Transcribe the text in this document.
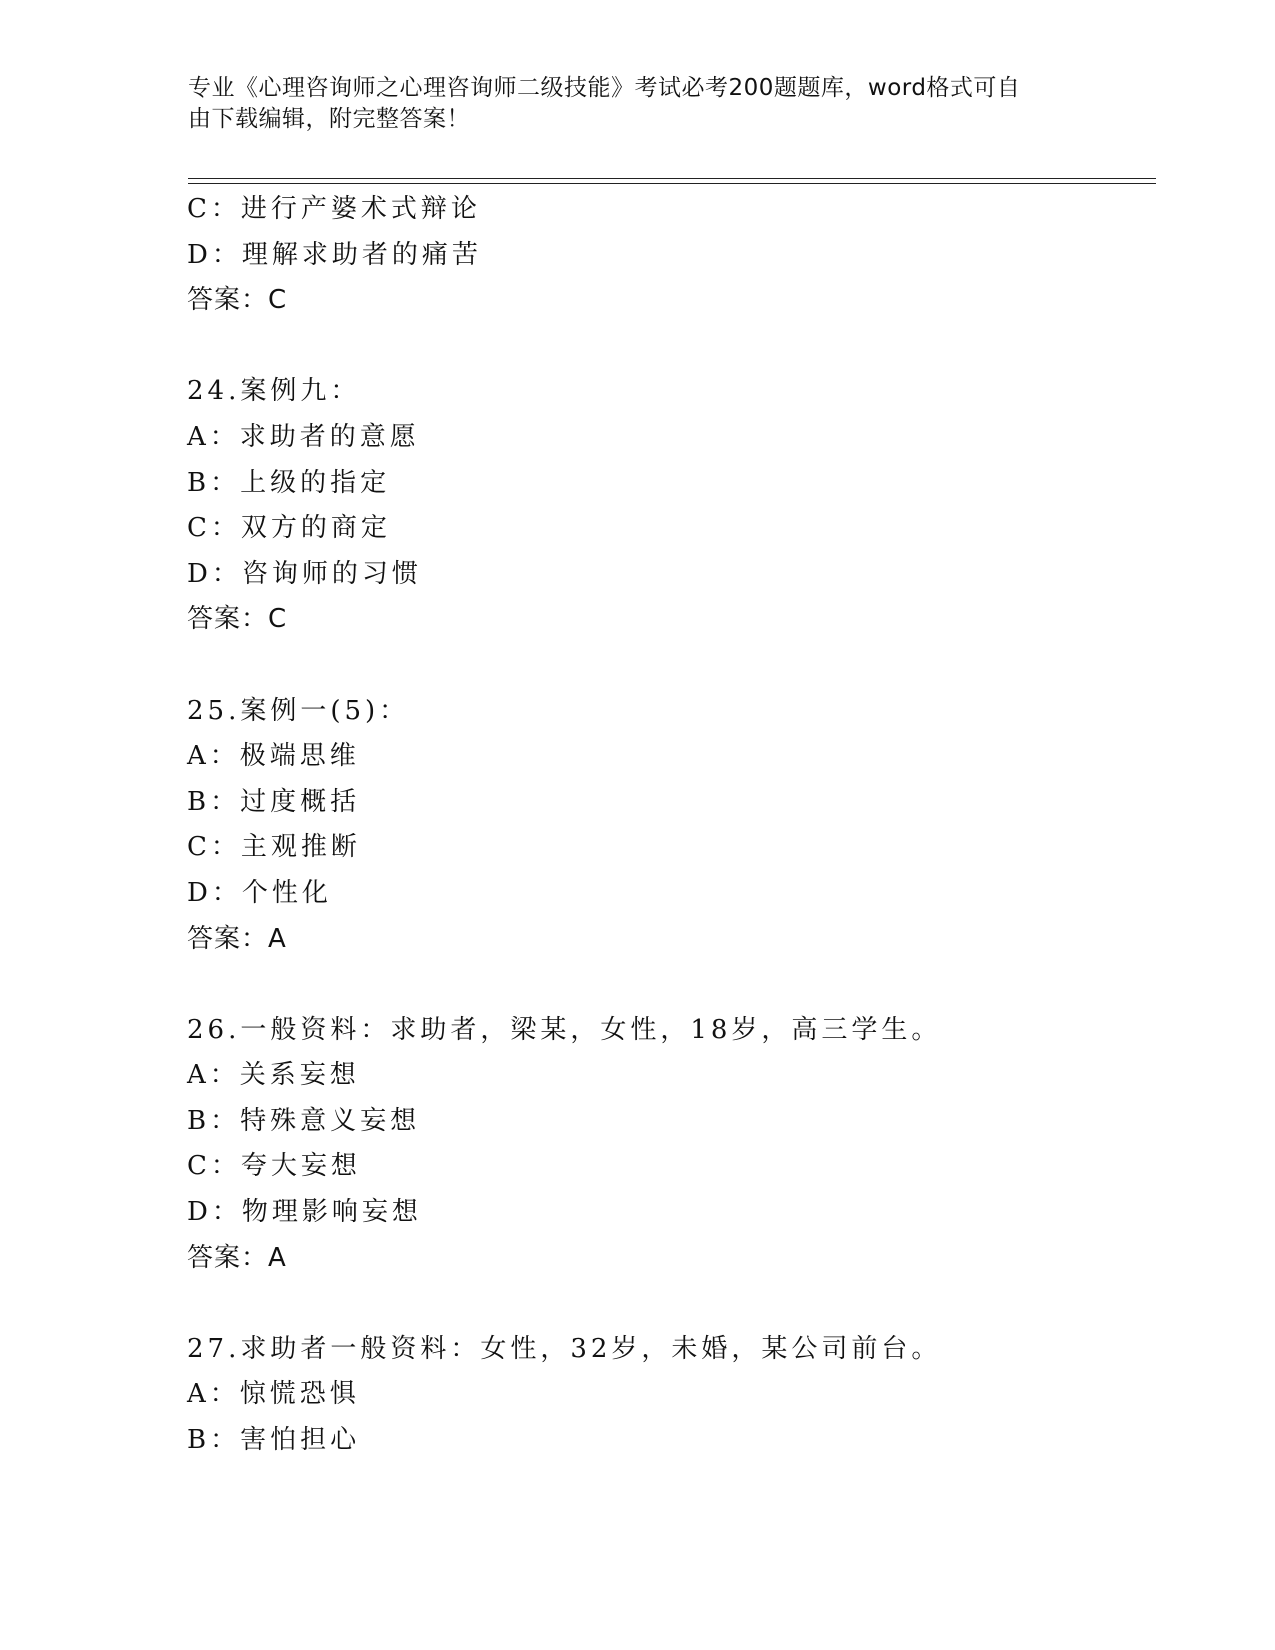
专业《心理咨询师之心理咨询师二级技能》考试必考200题题库，word格式可自
由下载编辑，附完整答案！
C：进行产婆术式辩论
D：理解求助者的痛苦
答案：C
24.案例九：
A：求助者的意愿
B：上级的指定
C：双方的商定
D：咨询师的习惯
答案：C
25.案例一(5)：
A：极端思维
B：过度概括
C：主观推断
D：个性化
答案：A
26.一般资料：求助者，梁某，女性，18岁，高三学生。
A：关系妄想
B：特殊意义妄想
C：夸大妄想
D：物理影响妄想
答案：A
27.求助者一般资料：女性，32岁，未婚，某公司前台。
A：惊慌恐惧
B：害怕担心
